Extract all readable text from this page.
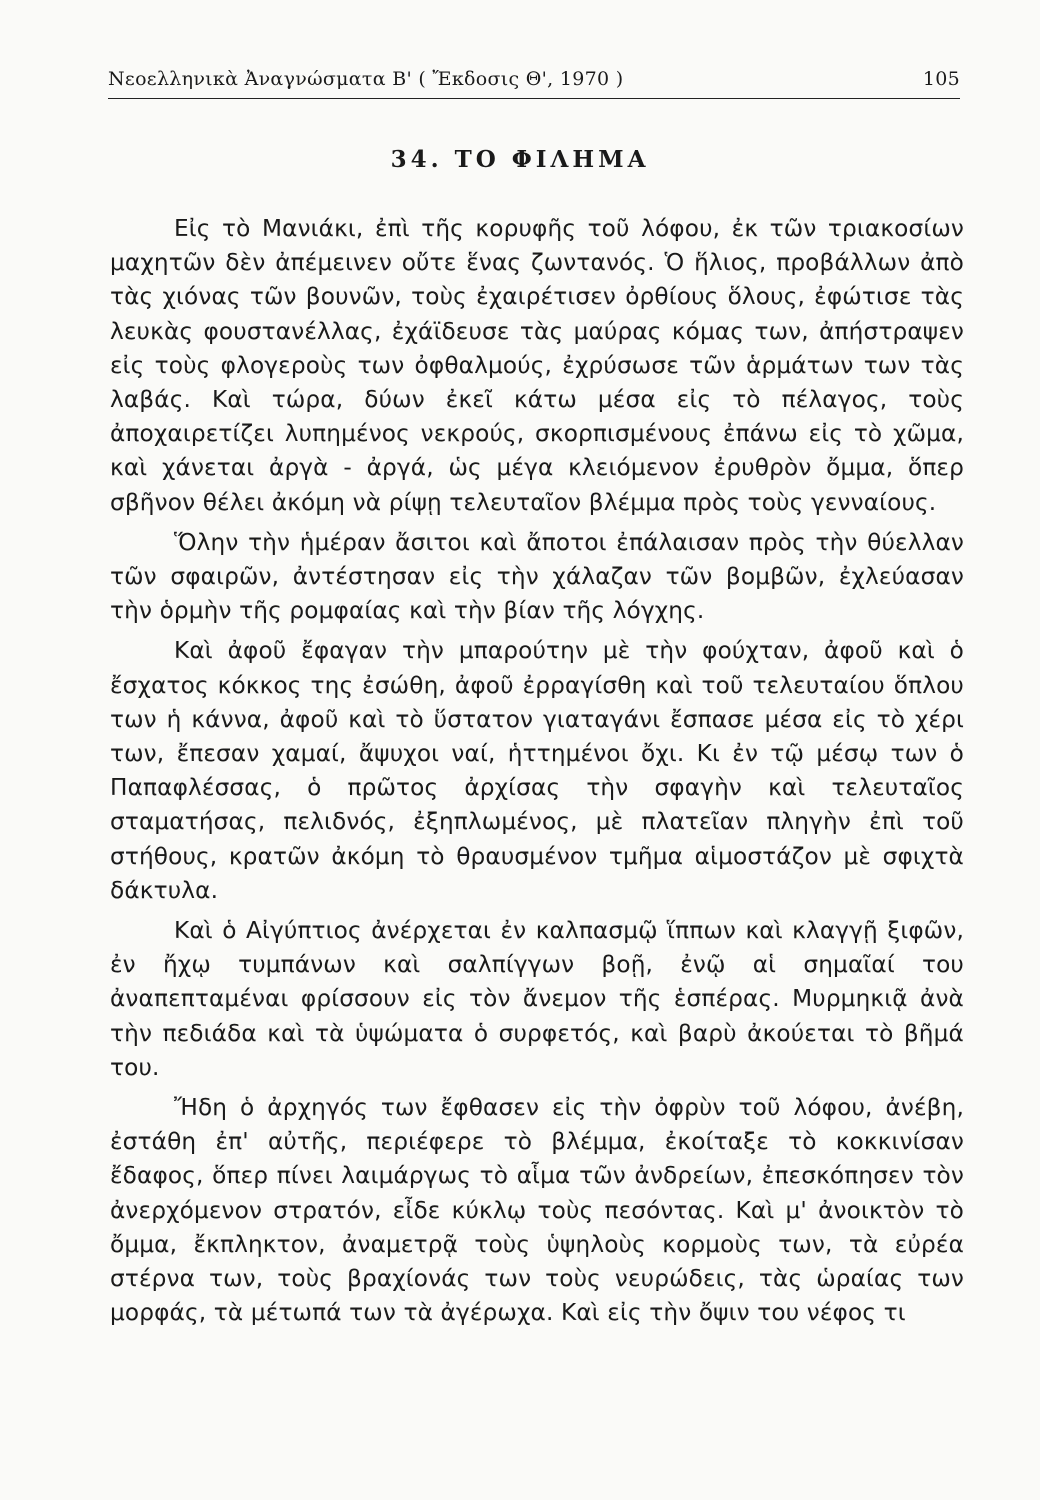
Νεοελληνικὰ Ἀναγνώσματα Β' ( Ἔκδοσις Θ', 1970 )	105
34. ΤΟ ΦΙΛΗΜΑ

Εἰς τὸ Μανιάκι, ἐπὶ τῆς κορυφῆς τοῦ λόφου, ἐκ τῶν τριακοσίων μαχητῶν δὲν ἀπέμεινεν οὔτε ἕνας ζωντανός. Ὁ ἥλιος, προβάλλων ἀπὸ τὰς χιόνας τῶν βουνῶν, τοὺς ἐχαιρέτισεν ὀρθίους ὅλους, ἐφώτισε τὰς λευκὰς φουστανέλλας, ἐχάϊδευσε τὰς μαύρας κόμας των, ἀπήστραψεν εἰς τοὺς φλογεροὺς των ὀφθαλμούς, ἐχρύσωσε τῶν ἁρμάτων των τὰς λαβάς. Καὶ τώρα, δύων ἐκεῖ κάτω μέσα εἰς τὸ πέλαγος, τοὺς ἀποχαιρετίζει λυπημένος νεκρούς, σκορπισμένους ἐπάνω εἰς τὸ χῶμα, καὶ χάνεται ἀργὰ - ἀργά, ὡς μέγα κλειόμενον ἐρυθρὸν ὄμμα, ὅπερ σβῆνον θέλει ἀκόμη νὰ ρίψῃ τελευταῖον βλέμμα πρὸς τοὺς γενναίους.

Ὅλην τὴν ἡμέραν ἄσιτοι καὶ ἄποτοι ἐπάλαισαν πρὸς τὴν θύελλαν τῶν σφαιρῶν, ἀντέστησαν εἰς τὴν χάλαζαν τῶν βομβῶν, ἐχλεύασαν τὴν ὁρμὴν τῆς ρομφαίας καὶ τὴν βίαν τῆς λόγχης.

Καὶ ἀφοῦ ἔφαγαν τὴν μπαρούτην μὲ τὴν φούχταν, ἀφοῦ καὶ ὁ ἔσχατος κόκκος της ἐσώθη, ἀφοῦ ἐρραγίσθη καὶ τοῦ τελευταίου ὅπλου των ἡ κάννα, ἀφοῦ καὶ τὸ ὕστατον γιαταγάνι ἔσπασε μέσα εἰς τὸ χέρι των, ἔπεσαν χαμαί, ἄψυχοι ναί, ἡττημένοι ὄχι. Κι ἐν τῷ μέσῳ των ὁ Παπαφλέσσας, ὁ πρῶτος ἀρχίσας τὴν σφαγὴν καὶ τελευταῖος σταματήσας, πελιδνός, ἐξηπλωμένος, μὲ πλατεῖαν πληγὴν ἐπὶ τοῦ στήθους, κρατῶν ἀκόμη τὸ θραυσμένον τμῆμα αἱμοστάζον μὲ σφιχτὰ δάκτυλα.

Καὶ ὁ Αἰγύπτιος ἀνέρχεται ἐν καλπασμῷ ἵππων καὶ κλαγγῇ ξιφῶν, ἐν ἤχῳ τυμπάνων καὶ σαλπίγγων βοῇ, ἐνῷ αἱ σημαῖαί του ἀναπεπταμέναι φρίσσουν εἰς τὸν ἄνεμον τῆς ἑσπέρας. Μυρμηκιᾷ ἀνὰ τὴν πεδιάδα καὶ τὰ ὑψώματα ὁ συρφετός, καὶ βαρὺ ἀκούεται τὸ βῆμά του.

Ἤδη ὁ ἀρχηγός των ἔφθασεν εἰς τὴν ὀφρὺν τοῦ λόφου, ἀνέβη, ἐστάθη ἐπ' αὐτῆς, περιέφερε τὸ βλέμμα, ἐκοίταξε τὸ κοκκινίσαν ἔδαφος, ὅπερ πίνει λαιμάργως τὸ αἷμα τῶν ἀνδρείων, ἐπεσκόπησεν τὸν ἀνερχόμενον στρατόν, εἶδε κύκλῳ τοὺς πεσόντας. Καὶ μ' ἀνοικτὸν τὸ ὄμμα, ἔκπληκτον, ἀναμετρᾷ τοὺς ὑψηλοὺς κορμοὺς των, τὰ εὐρέα στέρνα των, τοὺς βραχίονάς των τοὺς νευρώδεις, τὰς ὡραίας των μορφάς, τὰ μέτωπά των τὰ ἀγέρωχα. Καὶ εἰς τὴν ὄψιν του νέφος τι
